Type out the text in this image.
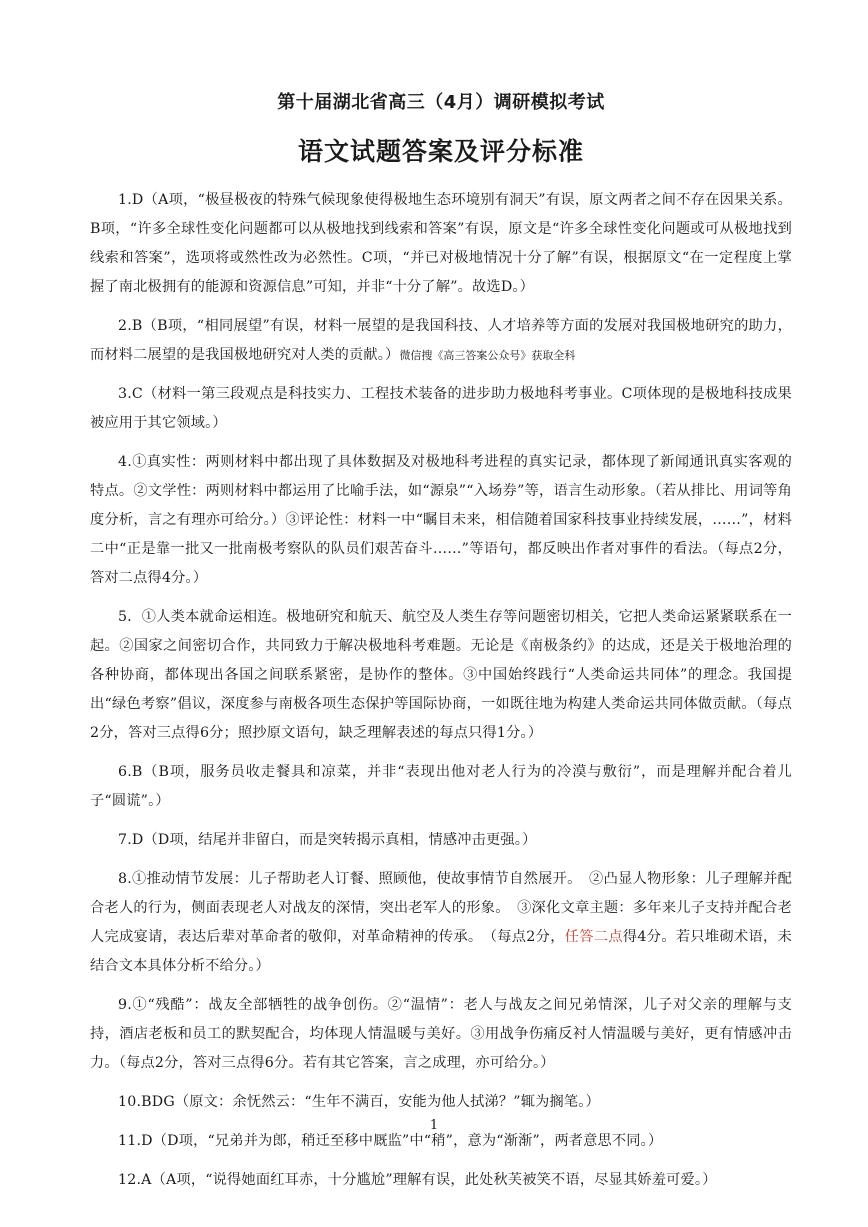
第十届湖北省高三（4月）调研模拟考试
语文试题答案及评分标准

1.D（A项，“极昼极夜的特殊气候现象使得极地生态环境别有洞天”有误，原文两者之间不存在因果关系。B项，“许多全球性变化问题都可以从极地找到线索和答案”有误，原文是“许多全球性变化问题或可从极地找到线索和答案”，选项将或然性改为必然性。C项，“并已对极地情况十分了解”有误，根据原文“在一定程度上掌握了南北极拥有的能源和资源信息”可知，并非“十分了解”。故选D。）

2.B（B项，“相同展望”有误，材料一展望的是我国科技、人才培养等方面的发展对我国极地研究的助力，而材料二展望的是我国极地研究对人类的贡献。）微信搜《高三答案公众号》获取全科

3.C（材料一第三段观点是科技实力、工程技术装备的进步助力极地科考事业。C项体现的是极地科技成果被应用于其它领域。）

4.①真实性：两则材料中都出现了具体数据及对极地科考进程的真实记录，都体现了新闻通讯真实客观的特点。②文学性：两则材料中都运用了比喻手法，如“源泉”“入场券”等，语言生动形象。（若从排比、用词等角度分析，言之有理亦可给分。）③评论性：材料一中“瞩目未来，相信随着国家科技事业持续发展，……”，材料二中“正是靠一批又一批南极考察队的队员们艰苦奋斗……”等语句，都反映出作者对事件的看法。（每点2分，答对二点得4分。）

5．①人类本就命运相连。极地研究和航天、航空及人类生存等问题密切相关，它把人类命运紧紧联系在一起。②国家之间密切合作，共同致力于解决极地科考难题。无论是《南极条约》的达成，还是关于极地治理的各种协商，都体现出各国之间联系紧密，是协作的整体。③中国始终践行“人类命运共同体”的理念。我国提出“绿色考察”倡议，深度参与南极各项生态保护等国际协商，一如既往地为构建人类命运共同体做贡献。（每点2分，答对三点得6分；照抄原文语句，缺乏理解表述的每点只得1分。）

6.B（B项，服务员收走餐具和凉菜，并非“表现出他对老人行为的冷漠与敷衍”，而是理解并配合着儿子“圆谎”。）

7.D（D项，结尾并非留白，而是突转揭示真相，情感冲击更强。）

8.①推动情节发展：儿子帮助老人订餐、照顾他，使故事情节自然展开。　②凸显人物形象：儿子理解并配合老人的行为，侧面表现老人对战友的深情，突出老军人的形象。　③深化文章主题：多年来儿子支持并配合老人完成宴请，表达后辈对革命者的敬仰，对革命精神的传承。　（每点2分，任答二点得4分。若只堆砌术语，未结合文本具体分析不给分。）

9.①“残酷”：战友全部牺牲的战争创伤。②“温情”：老人与战友之间兄弟情深，儿子对父亲的理解与支持，酒店老板和员工的默契配合，均体现人情温暖与美好。③用战争伤痛反衬人情温暖与美好，更有情感冲击力。（每点2分，答对三点得6分。若有其它答案，言之成理，亦可给分。）

10.BDG（原文：余怃然云：“生年不满百，安能为他人拭涕？”辄为搁笔。）

11.D（D项，“兄弟并为郎，稍迁至移中厩监”中“稍”，意为“渐渐”，两者意思不同。）

12.A（A项，“说得她面红耳赤，十分尴尬”理解有误，此处秋芙被笑不语，尽显其娇羞可爱。）

1
